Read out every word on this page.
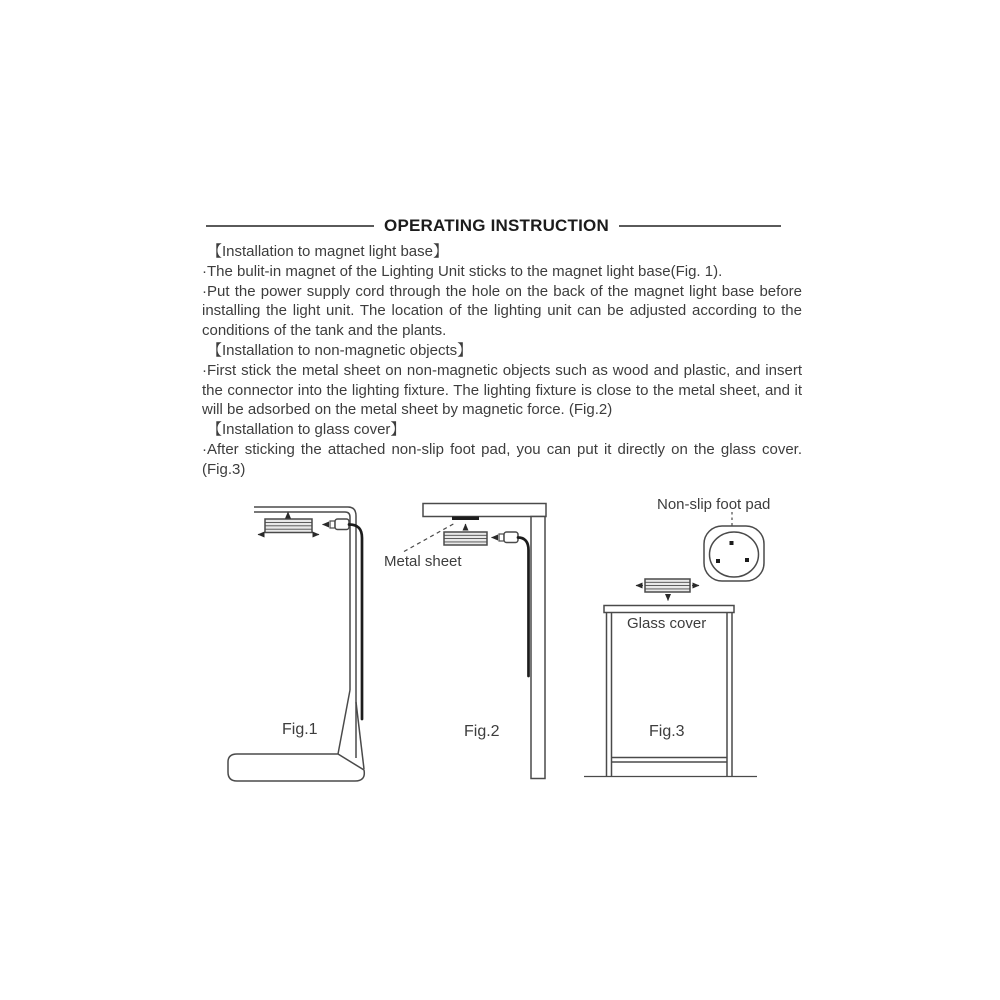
OPERATING INSTRUCTION
【Installation to magnet light base】

·The bulit-in magnet of the Lighting Unit sticks to the magnet light base(Fig. 1).

·Put the power supply cord through the hole on the back of the magnet light base before installing the light unit. The location of the lighting unit can be adjusted according to the conditions of the tank and the plants.

【Installation to non-magnetic objects】

·First stick the metal sheet on non-magnetic objects such as wood and plastic, and insert the connector into the lighting fixture. The lighting fixture is close to the metal sheet, and it will be adsorbed on the metal sheet by magnetic force. (Fig.2)

【Installation to glass cover】

·After sticking the attached non-slip foot pad, you can put it directly on the glass cover. (Fig.3)

Metal sheet
Non-slip foot pad
Glass cover
Fig.1	Fig.2	Fig.3
